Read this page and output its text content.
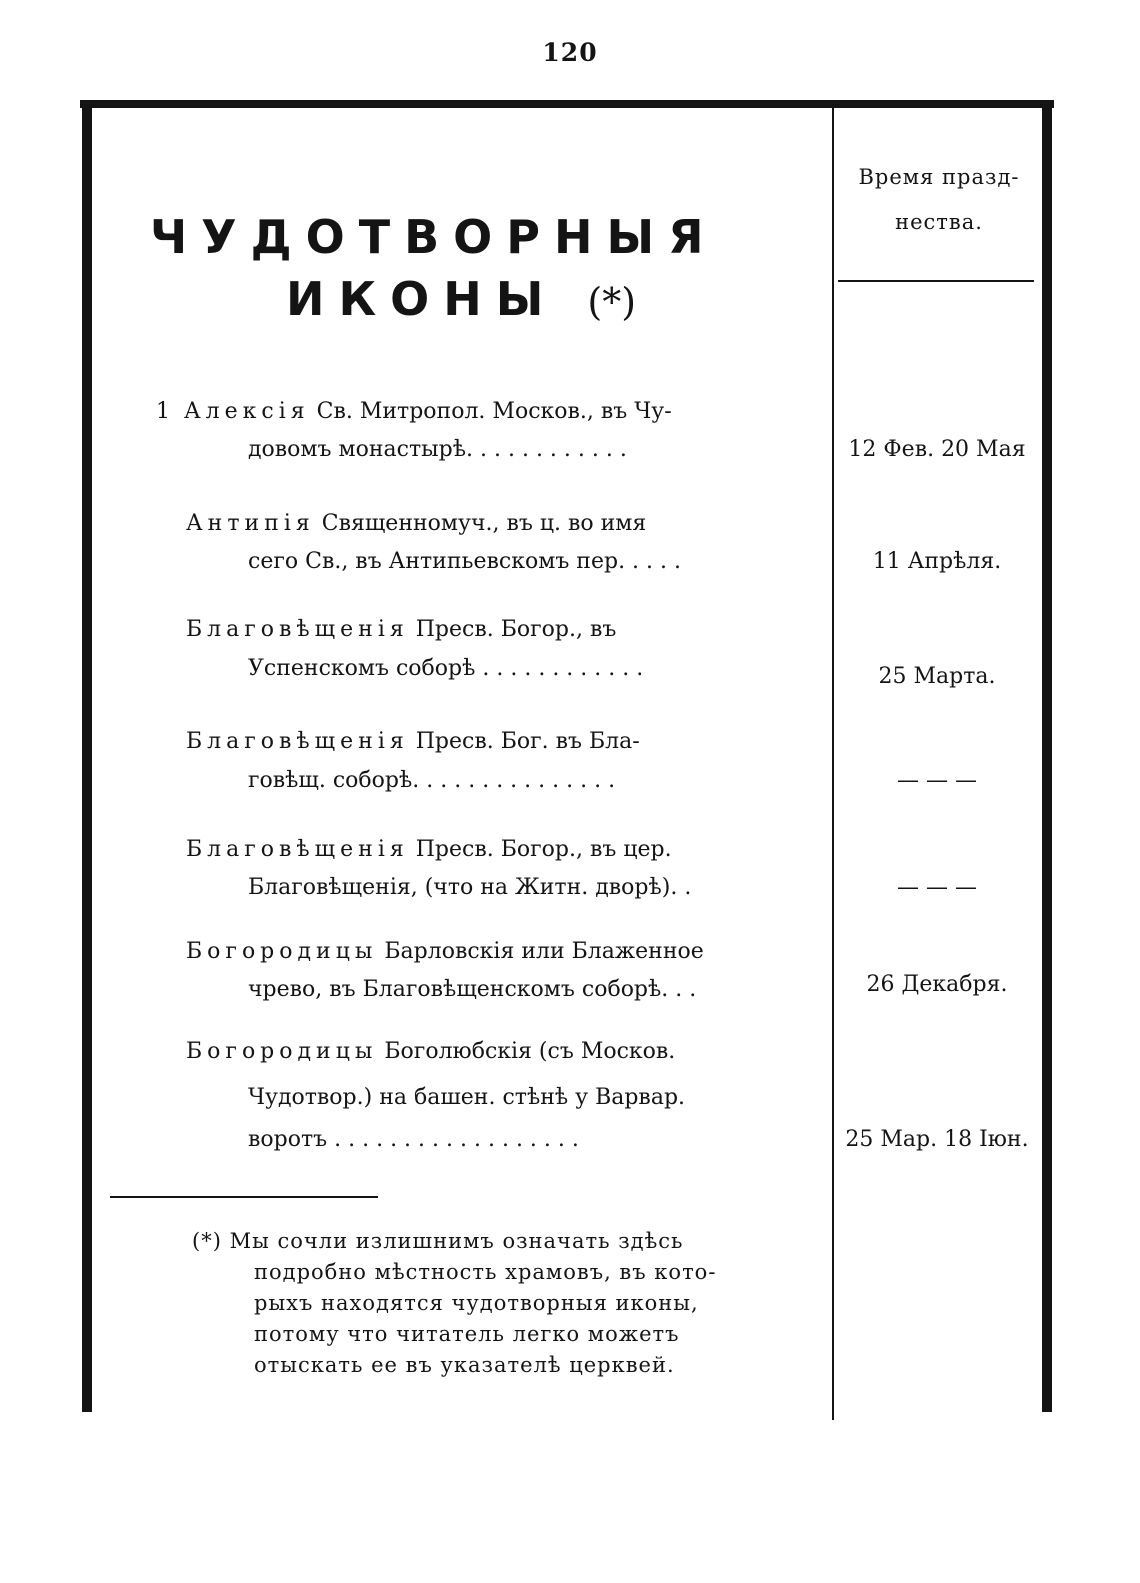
120
Время празд-
нества.
ЧУДОТВОРНЫЯ
ИКОНЫ (*)
1 Алексія Св. Митропол. Москов., въ Чу-
довомъ монастырѣ. . . . . . . . . . . .	12 Фев. 20 Мая
Антипія Священномуч., въ ц. во имя
сего Св., въ Антипьевскомъ пер. . . . .	11 Апрѣля.
Благовѣщенія Пресв. Богор., въ
Успенскомъ соборѣ . . . . . . . . . . . .	25 Марта.
Благовѣщенія Пресв. Бог. въ Бла-
говѣщ. соборѣ. . . . . . . . . . . . . . .	— — —
Благовѣщенія Пресв. Богор., въ цер.
Благовѣщенія, (что на Житн. дворѣ). .	— — —
Богородицы Барловскія или Блаженное
чрево, въ Благовѣщенскомъ соборѣ. . .	26 Декабря.
Богородицы Боголюбскія (съ Москов.
Чудотвор.) на башен. стѣнѣ у Варвар.
воротъ . . . . . . . . . . . . . . . . . .	25 Мар. 18 Іюн.
(*) Мы сочли излишнимъ означать здѣсь
подробно мѣстность храмовъ, въ кото-
рыхъ находятся чудотворныя иконы,
потому что читатель легко можетъ
отыскать ее въ указателѣ церквей.
